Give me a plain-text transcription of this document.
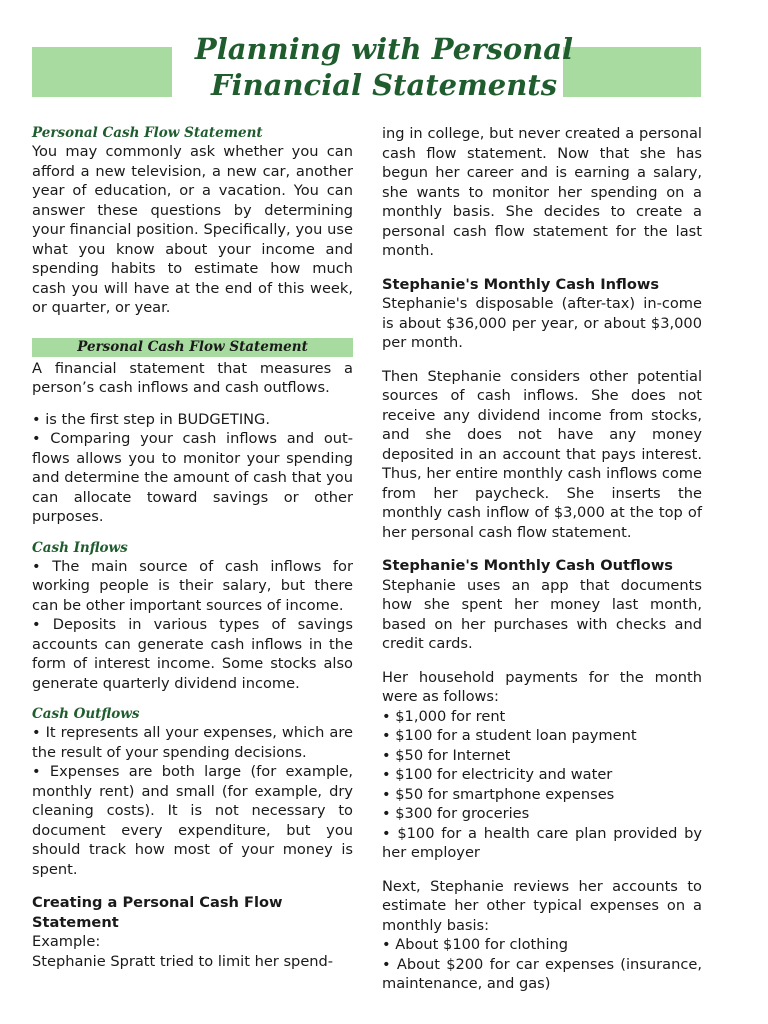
Planning with Personal
Financial Statements
Personal Cash Flow Statement

You may commonly ask whether you can afford a new television, a new car, another year of education, or a vacation. You can answer these questions by determining your financial position. Specifically, you use what you know about your income and spending habits to estimate how much cash you will have at the end of this week, or quarter, or year.

Personal Cash Flow Statement

A financial statement that measures a person’s cash inflows and cash outflows.

• is the first step in BUDGETING.

• Comparing your cash inflows and out-flows allows you to monitor your spending and determine the amount of cash that you can allocate toward savings or other purposes.

Cash Inflows

• The main source of cash inflows for working people is their salary, but there can be other important sources of income.

• Deposits in various types of savings accounts can generate cash inflows in the form of interest income. Some stocks also generate quarterly dividend income.

Cash Outflows

• It represents all your expenses, which are the result of your spending decisions.

• Expenses are both large (for example, monthly rent) and small (for example, dry cleaning costs). It is not necessary to document every expenditure, but you should track how most of your money is spent.

Creating a Personal Cash Flow Statement

Example:

Stephanie Spratt tried to limit her spend-

ing in college, but never created a personal cash flow statement. Now that she has begun her career and is earning a salary, she wants to monitor her spending on a monthly basis. She decides to create a personal cash flow statement for the last month.

Stephanie's Monthly Cash Inflows

Stephanie's disposable (after-tax) in-come is about $36,000 per year, or about $3,000 per month.

Then Stephanie considers other potential sources of cash inflows. She does not receive any dividend income from stocks, and she does not have any money deposited in an account that pays interest. Thus, her entire monthly cash inflows come from her paycheck. She inserts the monthly cash inflow of $3,000 at the top of her personal cash flow statement.

Stephanie's Monthly Cash Outflows

Stephanie uses an app that documents how she spent her money last month, based on her purchases with checks and credit cards.

Her household payments for the month were as follows:

• $1,000 for rent

• $100 for a student loan payment

• $50 for Internet

• $100 for electricity and water

• $50 for smartphone expenses

• $300 for groceries

• $100 for a health care plan provided by her employer

Next, Stephanie reviews her accounts to estimate her other typical expenses on a monthly basis:

• About $100 for clothing

• About $200 for car expenses (insurance, maintenance, and gas)
